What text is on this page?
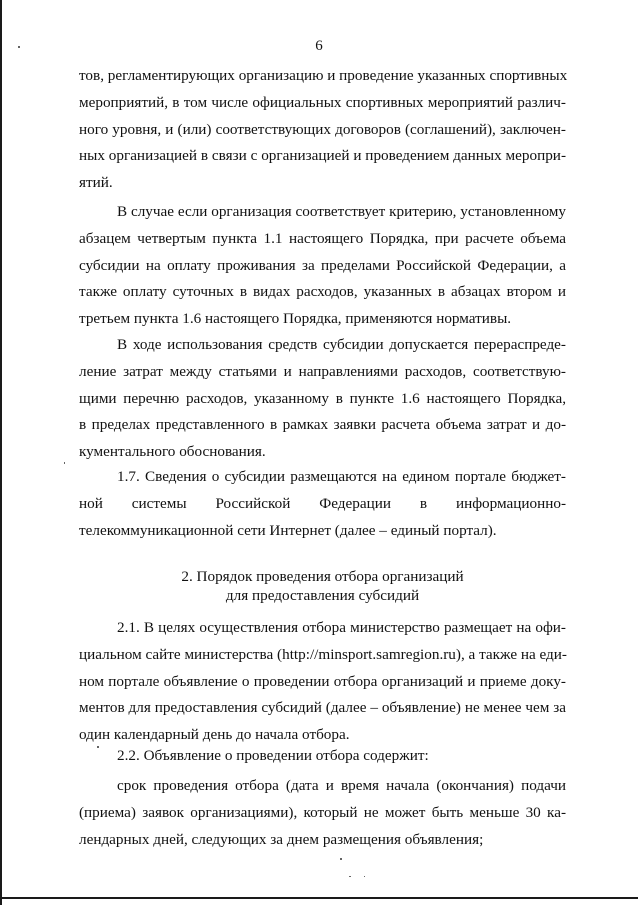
6
тов, регламентирующих организацию и проведение указанных спортивных
мероприятий, в том числе официальных спортивных мероприятий различ-
ного уровня, и (или) соответствующих договоров (соглашений), заключен-
ных организацией в связи с организацией и проведением данных меропри-
ятий.
В случае если организация соответствует критерию, установленному
абзацем четвертым пункта 1.1 настоящего Порядка, при расчете объема
субсидии на оплату проживания за пределами Российской Федерации, а
также оплату суточных в видах расходов, указанных в абзацах втором и
третьем пункта 1.6 настоящего Порядка, применяются нормативы.
В ходе использования средств субсидии допускается перераспреде-
ление затрат между статьями и направлениями расходов, соответствую-
щими перечню расходов, указанному в пункте 1.6 настоящего Порядка,
в пределах представленного в рамках заявки расчета объема затрат и до-
кументального обоснования.
1.7. Сведения о субсидии размещаются на едином портале бюджет-
ной системы Российской Федерации в информационно-
телекоммуникационной сети Интернет (далее – единый портал).
2. Порядок проведения отбора организаций
для предоставления субсидий
2.1. В целях осуществления отбора министерство размещает на офи-
циальном сайте министерства (http://minsport.samregion.ru), а также на еди-
ном портале объявление о проведении отбора организаций и приеме доку-
ментов для предоставления субсидий (далее – объявление) не менее чем за
один календарный день до начала отбора.
2.2. Объявление о проведении отбора содержит:
срок проведения отбора (дата и время начала (окончания) подачи
(приема) заявок организациями), который не может быть меньше 30 ка-
лендарных дней, следующих за днем размещения объявления;
